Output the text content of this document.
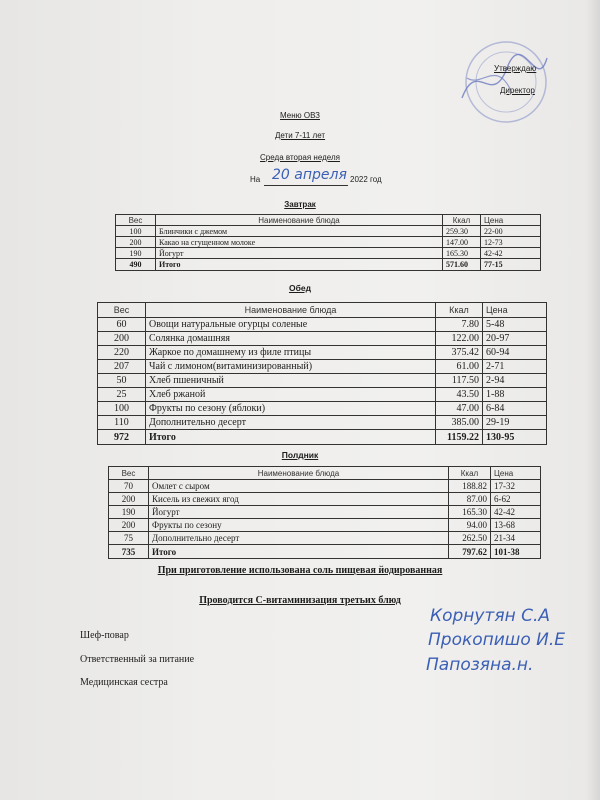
Утверждаю
Директор
Меню ОВЗ
Дети 7-11 лет
Среда вторая неделя
На 20 апреля 2022 год
Завтрак
Вес	Наименование блюда	Ккал	Цена
100	Блинчики с джемом	259.30	22-00
200	Какао на сгущенном молоке	147.00	12-73
190	Йогурт	165.30	42-42
490	Итого	571.60	77-15
Обед
Вес	Наименование блюда	Ккал	Цена
60	Овощи натуральные огурцы соленые	7.80	5-48
200	Солянка домашняя	122.00	20-97
220	Жаркое по домашнему из филе птицы	375.42	60-94
207	Чай с лимоном(витаминизированный)	61.00	2-71
50	Хлеб пшеничный	117.50	2-94
25	Хлеб ржаной	43.50	1-88
100	Фрукты по сезону (яблоки)	47.00	6-84
110	Дополнительно десерт	385.00	29-19
972	Итого	1159.22	130-95
Полдник
Вес	Наименование блюда	Ккал	Цена
70	Омлет с сыром	188.82	17-32
200	Кисель из свежих ягод	87.00	6-62
190	Йогурт	165.30	42-42
200	Фрукты по сезону	94.00	13-68
75	Дополнительно десерт	262.50	21-34
735	Итого	797.62	101-38
При приготовление использована соль пищевая йодированная
Проводится С-витаминизация третьих блюд
Шеф-повар
Ответственный за питание
Медицинская сестра
Корнутян С.А
Прокопишо И.Е
Папозяна.н.
